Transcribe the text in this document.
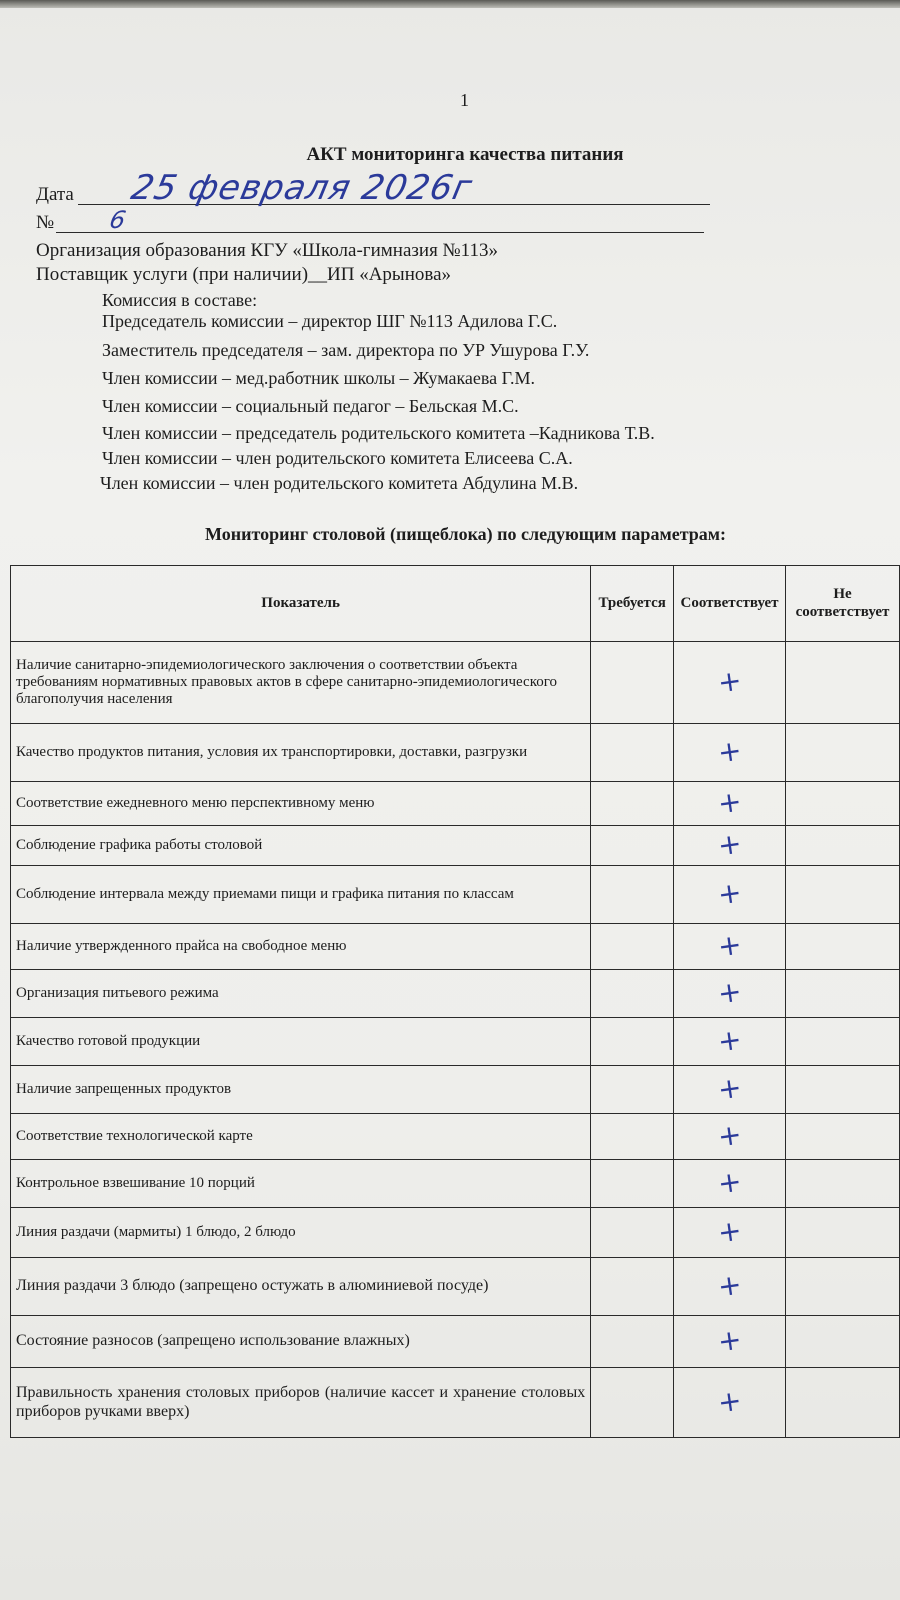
1
АКТ мониторинга качества питания
Дата 25 февраля 2026г
№ 6
Организация образования КГУ «Школа-гимназия №113»
Поставщик услуги (при наличии)__ИП «Арынова»
Комиссия в составе:
Председатель комиссии – директор ШГ №113 Адилова Г.С.
Заместитель председателя – зам. директора по УР Ушурова Г.У.
Член комиссии – мед.работник школы – Жумакаева Г.М.
Член комиссии – социальный педагог – Бельская М.С.
Член комиссии – председатель родительского комитета –Кадникова Т.В.
Член комиссии – член родительского комитета Елисеева С.А.
Член комиссии – член родительского комитета Абдулина М.В.
Мониторинг столовой (пищеблока) по следующим параметрам:
Показатель	Требуется	Соответствует	Не соответствует
Наличие санитарно-эпидемиологического заключения о соответствии объекта требованиям нормативных правовых актов в сфере санитарно-эпидемиологического благополучия населения		+	
Качество продуктов питания, условия их транспортировки, доставки, разгрузки		+	
Соответствие ежедневного меню перспективному меню		+	
Соблюдение графика работы столовой		+	
Соблюдение интервала между приемами пищи и графика питания по классам		+	
Наличие утвержденного прайса на свободное меню		+	
Организация питьевого режима		+	
Качество готовой продукции		+	
Наличие запрещенных продуктов		+	
Соответствие технологической карте		+	
Контрольное взвешивание 10 порций		+	
Линия раздачи (мармиты) 1 блюдо, 2 блюдо		+	
Линия раздачи 3 блюдо (запрещено остужать в алюминиевой посуде)		+	
Состояние разносов (запрещено использование влажных)		+	
Правильность хранения столовых приборов (наличие кассет и хранение столовых приборов ручками вверх)		+	
